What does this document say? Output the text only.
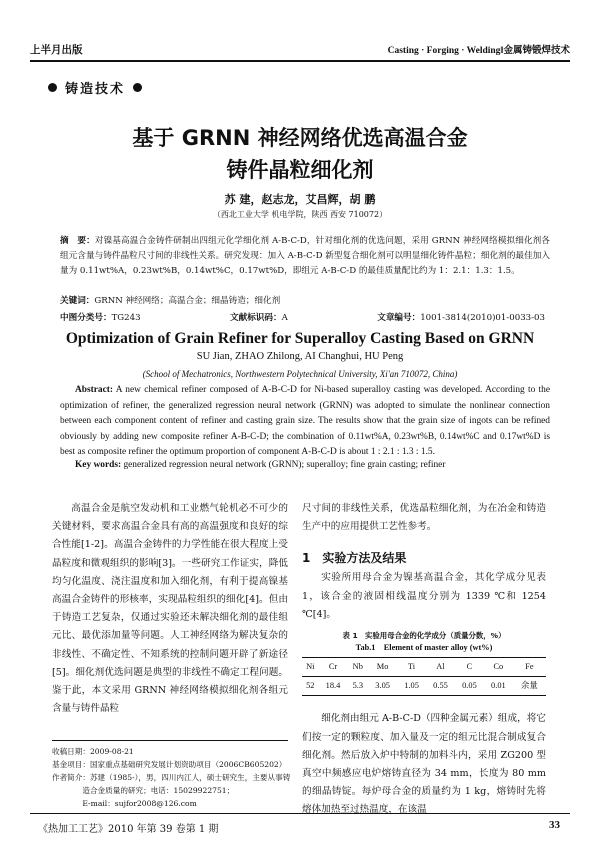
上半月出版	Casting · Forging · Welding‖金属铸锻焊技术
铸造技术
基于 GRNN 神经网络优选高温合金
铸件晶粒细化剂
苏 建，赵志龙，艾昌辉，胡 鹏
（西北工业大学 机电学院，陕西 西安 710072）
摘　要：对镍基高温合金铸件研制出四组元化学细化剂 A-B-C-D，针对细化剂的优选问题，采用 GRNN 神经网络模拟细化剂各组元含量与铸件晶粒尺寸间的非线性关系。研究发现：加入 A-B-C-D 新型复合细化剂可以明显细化铸件晶粒；细化剂的最佳加入量为 0.11wt%A，0.23wt%B，0.14wt%C，0.17wt%D，即组元 A-B-C-D 的最佳质量配比约为 1：2.1：1.3：1.5。
关键词：GRNN 神经网络；高温合金；细晶铸造；细化剂
中图分类号：TG243	文献标识码：A	文章编号：1001-3814(2010)01-0033-03
Optimization of Grain Refiner for Superalloy Casting Based on GRNN
SU Jian, ZHAO Zhilong, AI Changhui, HU Peng
(School of Mechatronics, Northwestern Polytechnical University, Xi'an 710072, China)
Abstract: A new chemical refiner composed of A-B-C-D for Ni-based superalloy casting was developed. According to the optimization of refiner, the generalized regression neural network (GRNN) was adopted to simulate the nonlinear connection between each component content of refiner and casting grain size. The results show that the grain size of ingots can be refined obviously by adding new composite refiner A-B-C-D; the combination of 0.11wt%A, 0.23wt%B, 0.14wt%C and 0.17wt%D is best as composite refiner the optimum proportion of component A-B-C-D is about 1 : 2.1 : 1.3 : 1.5.
Key words: generalized regression neural network (GRNN); superalloy; fine grain casting; refiner
高温合金是航空发动机和工业燃气轮机必不可少的关键材料，要求高温合金具有高的高温强度和良好的综合性能[1-2]。高温合金铸件的力学性能在很大程度上受晶粒度和微观组织的影响[3]。一些研究工作证实，降低均匀化温度、浇注温度和加入细化剂，有利于提高镍基高温合金铸件的形核率，实现晶粒组织的细化[4]。但由于铸造工艺复杂，仅通过实验还未解决细化剂的最佳组元比、最优添加量等问题。人工神经网络为解决复杂的非线性、不确定性、不知系统的控制问题开辟了新途径[5]。细化剂优选问题是典型的非线性不确定工程问题。鉴于此，本文采用 GRNN 神经网络模拟细化剂各组元含量与铸件晶粒
尺寸间的非线性关系，优选晶粒细化剂，为在冶金和铸造生产中的应用提供工艺性参考。
1　实验方法及结果
实验所用母合金为镍基高温合金，其化学成分见表 1，该合金的液固相线温度分别为 1339 ℃和 1254 ℃[4]。
表 1　实验用母合金的化学成分（质量分数，%）
Tab.1　Element of master alloy (wt%)
Ni	Cr	Nb	Mo	Ti	Al	C	Co	Fe
52	18.4	5.3	3.05	1.05	0.55	0.05	0.01	余量
细化剂由组元 A-B-C-D（四种金属元素）组成，将它们按一定的颗粒度、加入量及一定的组元比混合制成复合细化剂。然后放入炉中特制的加料斗内，采用 ZG200 型真空中频感应电炉熔铸直径为 34 mm，长度为 80 mm 的细晶铸锭。每炉母合金的质量约为 1 kg，熔铸时先将熔体加热至过热温度，在该温
收稿日期：2009-08-21
基金项目：国家重点基础研究发展计划资助项目（2006CB605202）
作者简介：苏建（1985-），男，四川内江人，硕士研究生，主要从事铸
　　　　造合金质量的研究；电话：15029922751；
　　　　E-mail：sujfor2008@126.com
《热加工工艺》2010 年第 39 卷第 1 期	33
